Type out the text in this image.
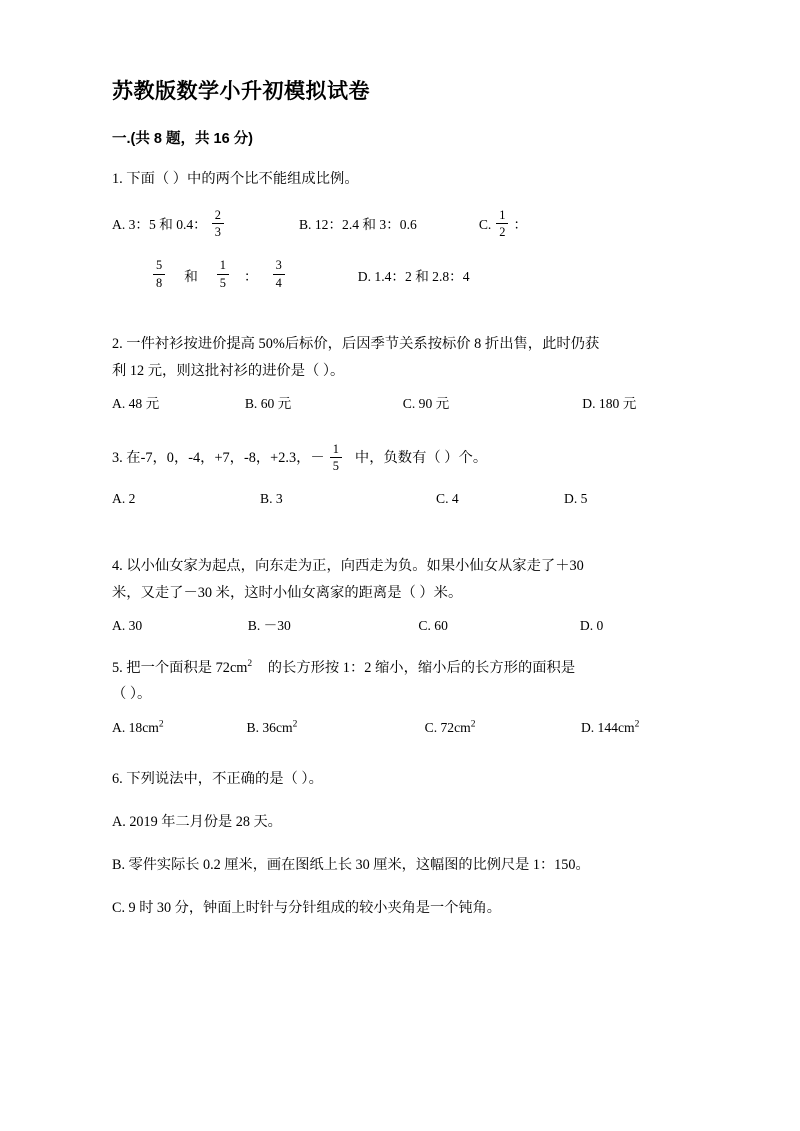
苏教版数学小升初模拟试卷
一.(共 8 题，共 16 分)
1. 下面（ ）中的两个比不能组成比例。
A. 3：5 和 0.4： $\frac{2}{3}$	B. 12：2.4 和 3：0.6	C. $\frac{1}{2}$ ：
$\frac{5}{8}$	和	$\frac{1}{5}$	：	$\frac{3}{4}$	D. 1.4：2 和 2.8：4
2. 一件衬衫按进价提高 50%后标价，后因季节关系按标价 8 折出售，此时仍获
利 12 元，则这批衬衫的进价是（ ）。
A. 48 元	B. 60 元	C. 90 元	D. 180 元
3. 在-7，0，-4，+7，-8，+2.3，－ $\frac{1}{5}$ 中，负数有（ ）个。
A. 2	B. 3	C. 4	D. 5
4. 以小仙女家为起点，向东走为正，向西走为负。如果小仙女从家走了＋30
米，又走了－30 米，这时小仙女离家的距离是（ ）米。
A. 30	B. －30	C. 60	D. 0
5. 把一个面积是 $72cm^2$ 的长方形按 1：2 缩小，缩小后的长方形的面积是
（ ）。
A. $18cm^2$	B. $36cm^2$	C. $72cm^2$	D. $144cm^2$
6. 下列说法中，不正确的是（ ）。
A. 2019 年二月份是 28 天。
B. 零件实际长 0.2 厘米，画在图纸上长 30 厘米，这幅图的比例尺是 1：150。
C. 9 时 30 分，钟面上时针与分针组成的较小夹角是一个钝角。
